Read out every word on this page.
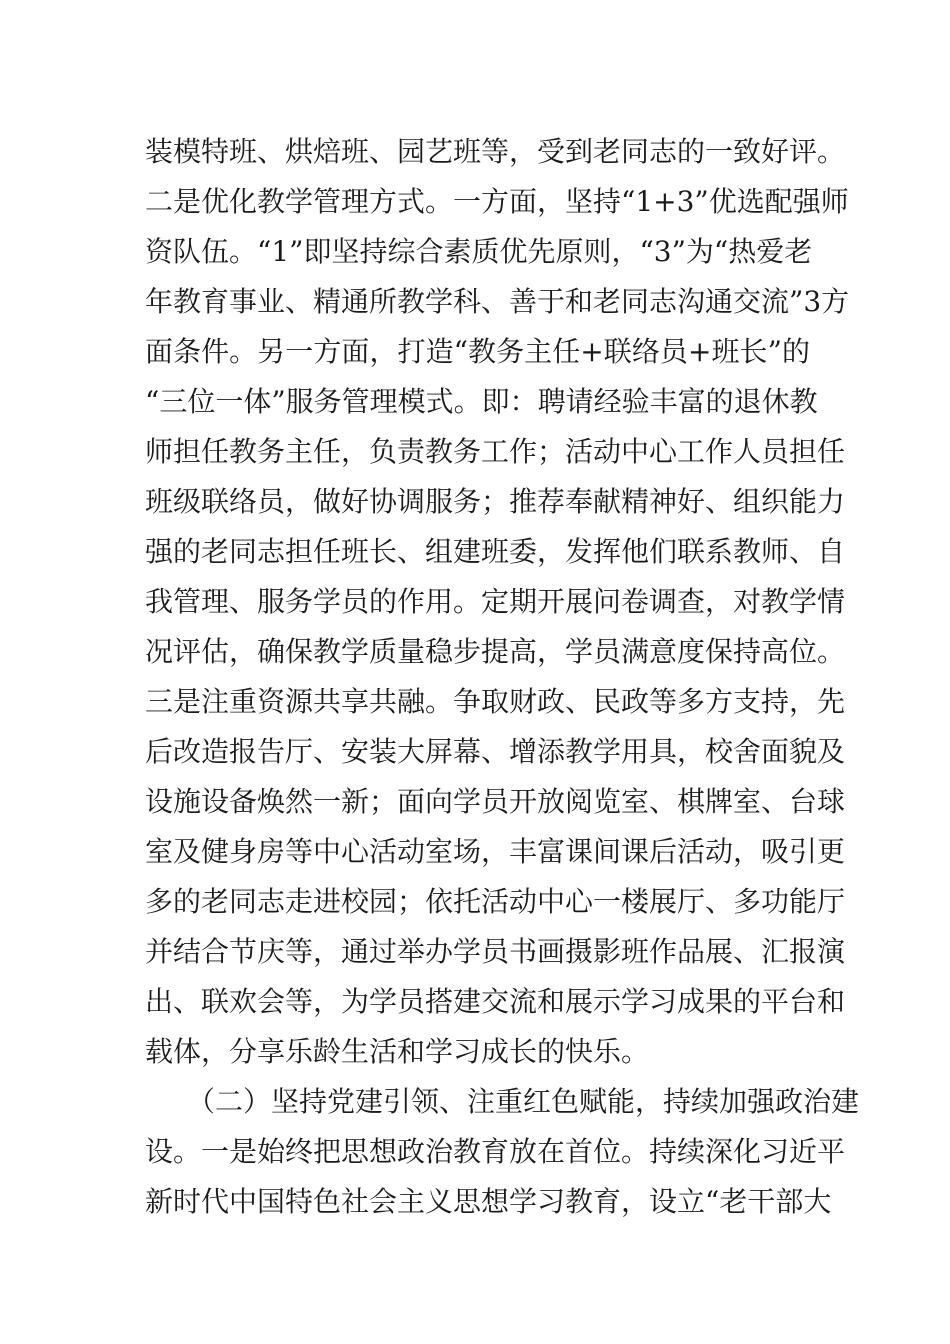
装模特班、烘焙班、园艺班等，受到老同志的一致好评。
二是优化教学管理方式。一方面，坚持“1+3”优选配强师
资队伍。“1”即坚持综合素质优先原则，“3”为“热爱老
年教育事业、精通所教学科、善于和老同志沟通交流”3方
面条件。另一方面，打造“教务主任+联络员+班长”的
“三位一体”服务管理模式。即：聘请经验丰富的退休教
师担任教务主任，负责教务工作；活动中心工作人员担任
班级联络员，做好协调服务；推荐奉献精神好、组织能力
强的老同志担任班长、组建班委，发挥他们联系教师、自
我管理、服务学员的作用。定期开展问卷调查，对教学情
况评估，确保教学质量稳步提高，学员满意度保持高位。
三是注重资源共享共融。争取财政、民政等多方支持，先
后改造报告厅、安装大屏幕、增添教学用具，校舍面貌及
设施设备焕然一新；面向学员开放阅览室、棋牌室、台球
室及健身房等中心活动室场，丰富课间课后活动，吸引更
多的老同志走进校园；依托活动中心一楼展厅、多功能厅
并结合节庆等，通过举办学员书画摄影班作品展、汇报演
出、联欢会等，为学员搭建交流和展示学习成果的平台和
载体，分享乐龄生活和学习成长的快乐。
　　（二）坚持党建引领、注重红色赋能，持续加强政治建
设。一是始终把思想政治教育放在首位。持续深化习近平
新时代中国特色社会主义思想学习教育，设立“老干部大
